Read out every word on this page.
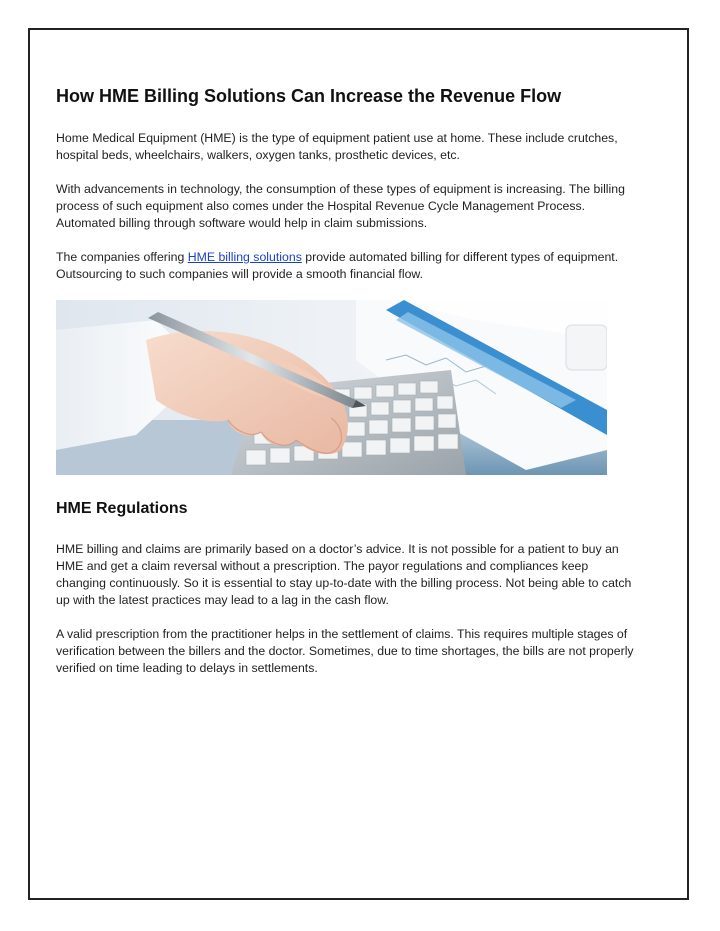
How HME Billing Solutions Can Increase the Revenue Flow

Home Medical Equipment (HME) is the type of equipment patient use at home. These include crutches, hospital beds, wheelchairs, walkers, oxygen tanks, prosthetic devices, etc.

With advancements in technology, the consumption of these types of equipment is increasing. The billing process of such equipment also comes under the Hospital Revenue Cycle Management Process. Automated billing through software would help in claim submissions.

The companies offering HME billing solutions provide automated billing for different types of equipment. Outsourcing to such companies will provide a smooth financial flow.

HME Regulations

HME billing and claims are primarily based on a doctor’s advice. It is not possible for a patient to buy an HME and get a claim reversal without a prescription. The payor regulations and compliances keep changing continuously. So it is essential to stay up-to-date with the billing process. Not being able to catch up with the latest practices may lead to a lag in the cash flow.

A valid prescription from the practitioner helps in the settlement of claims. This requires multiple stages of verification between the billers and the doctor. Sometimes, due to time shortages, the bills are not properly verified on time leading to delays in settlements.
